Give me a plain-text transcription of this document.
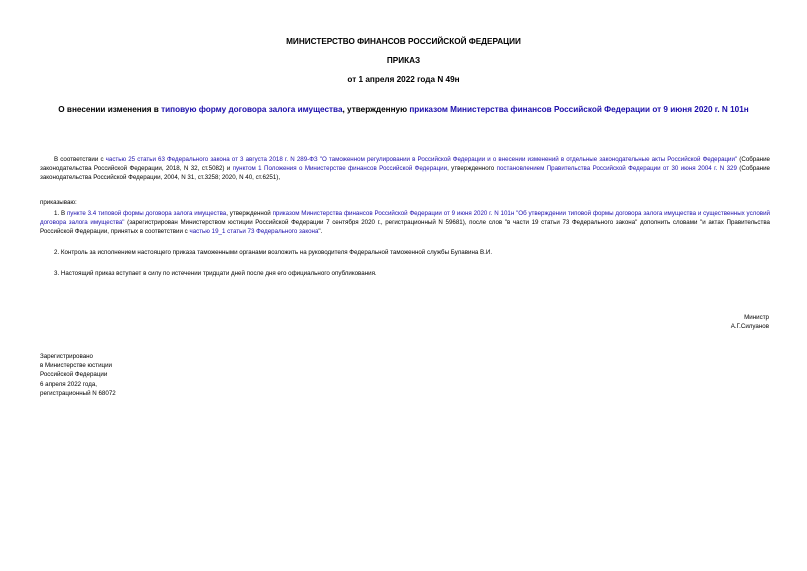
МИНИСТЕРСТВО ФИНАНСОВ РОССИЙСКОЙ ФЕДЕРАЦИИ
ПРИКАЗ
от 1 апреля 2022 года N 49н
О внесении изменения в типовую форму договора залога имущества, утвержденную приказом Министерства финансов Российской Федерации от 9 июня 2020 г. N 101н
В соответствии с частью 25 статьи 63 Федерального закона от 3 августа 2018 г. N 289-ФЗ "О таможенном регулировании в Российской Федерации и о внесении изменений в отдельные законодательные акты Российской Федерации" (Собрание законодательства Российской Федерации, 2018, N 32, ст.5082) и пунктом 1 Положения о Министерстве финансов Российской Федерации, утвержденного постановлением Правительства Российской Федерации от 30 июня 2004 г. N 329 (Собрание законодательства Российской Федерации, 2004, N 31, ст.3258; 2020, N 40, ст.6251),
приказываю:
1. В пункте 3.4 типовой формы договора залога имущества, утвержденной приказом Министерства финансов Российской Федерации от 9 июня 2020 г. N 101н "Об утверждении типовой формы договора залога имущества и существенных условий договора залога имущества" (зарегистрирован Министерством юстиции Российской Федерации 7 сентября 2020 г., регистрационный N 59681), после слов "в части 19 статьи 73 Федерального закона" дополнить словами "и актах Правительства Российской Федерации, принятых в соответствии с частью 19_1 статьи 73 Федерального закона".
2. Контроль за исполнением настоящего приказа таможенными органами возложить на руководителя Федеральной таможенной службы Булавина В.И.
3. Настоящий приказ вступает в силу по истечении тридцати дней после дня его официального опубликования.
Министр
А.Г.Силуанов
Зарегистрировано
в Министерстве юстиции
Российской Федерации
6 апреля 2022 года,
регистрационный N 68072
